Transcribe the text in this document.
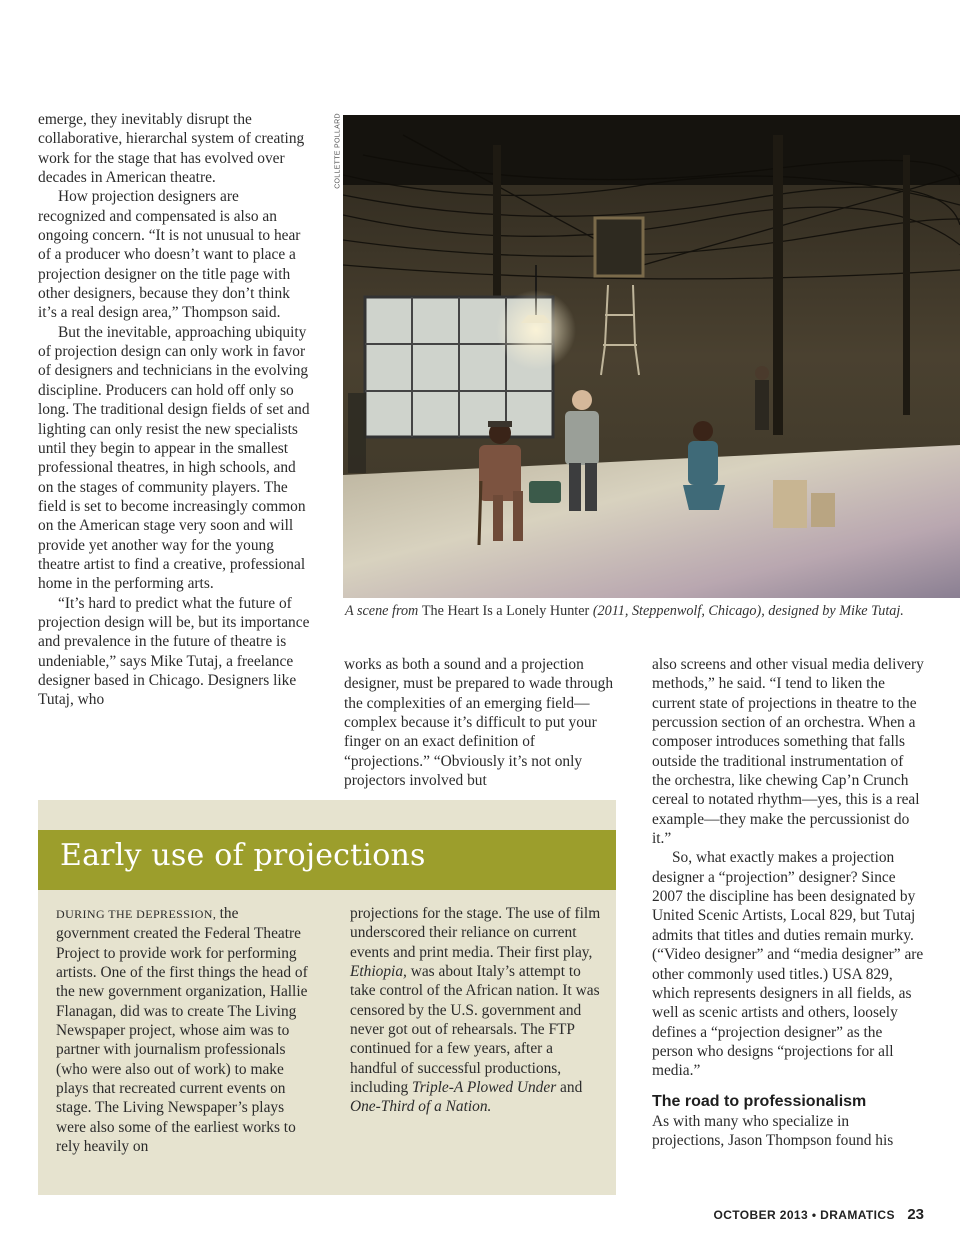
emerge, they inevitably disrupt the collaborative, hierarchal system of creating work for the stage that has evolved over decades in American theatre.

How projection designers are recognized and compensated is also an ongoing concern. “It is not unusual to hear of a producer who doesn’t want to place a projection designer on the title page with other designers, because they don’t think it’s a real design area,” Thompson said.

But the inevitable, approaching ubiquity of projection design can only work in favor of designers and technicians in the evolving discipline. Producers can hold off only so long. The traditional design fields of set and lighting can only resist the new specialists until they begin to appear in the smallest professional theatres, in high schools, and on the stages of community players. The field is set to become increasingly common on the American stage very soon and will provide yet another way for the young theatre artist to find a creative, professional home in the performing arts.

“It’s hard to predict what the future of projection design will be, but its importance and prevalence in the future of theatre is undeniable,” says Mike Tutaj, a freelance designer based in Chicago. Designers like Tutaj, who

COLLETTE POLLARD
A scene from The Heart Is a Lonely Hunter (2011, Steppenwolf, Chicago), designed by Mike Tutaj.

works as both a sound and a projection designer, must be prepared to wade through the complexities of an emerging field—complex because it’s difficult to put your finger on an exact definition of “projections.” “Obviously it’s not only projectors involved but

also screens and other visual media delivery methods,” he said. “I tend to liken the current state of projections in theatre to the percussion section of an orchestra. When a composer introduces something that falls outside the traditional instrumentation of the orchestra, like chewing Cap’n Crunch cereal to notated rhythm—yes, this is a real example—they make the percussionist do it.”

So, what exactly makes a projection designer a “projection” designer? Since 2007 the discipline has been designated by United Scenic Artists, Local 829, but Tutaj admits that titles and duties remain murky. (“Video designer” and “media designer” are other commonly used titles.) USA 829, which represents designers in all fields, as well as scenic artists and others, loosely defines a “projection designer” as the person who designs “projections for all media.”

The road to professionalism

As with many who specialize in projections, Jason Thompson found his

Early use of projections
DURING THE DEPRESSION, the government created the Federal Theatre Project to provide work for performing artists. One of the first things the head of the new government organization, Hallie Flanagan, did was to create The Living Newspaper project, whose aim was to partner with journalism professionals (who were also out of work) to make plays that recreated current events on stage. The Living Newspaper’s plays were also some of the earliest works to rely heavily on
projections for the stage. The use of film underscored their reliance on current events and print media. Their first play, Ethiopia, was about Italy’s attempt to take control of the African nation. It was censored by the U.S. government and never got out of rehearsals. The FTP continued for a few years, after a handful of successful productions, including Triple-A Plowed Under and One-Third of a Nation.
OCTOBER 2013 • DRAMATICS 23
